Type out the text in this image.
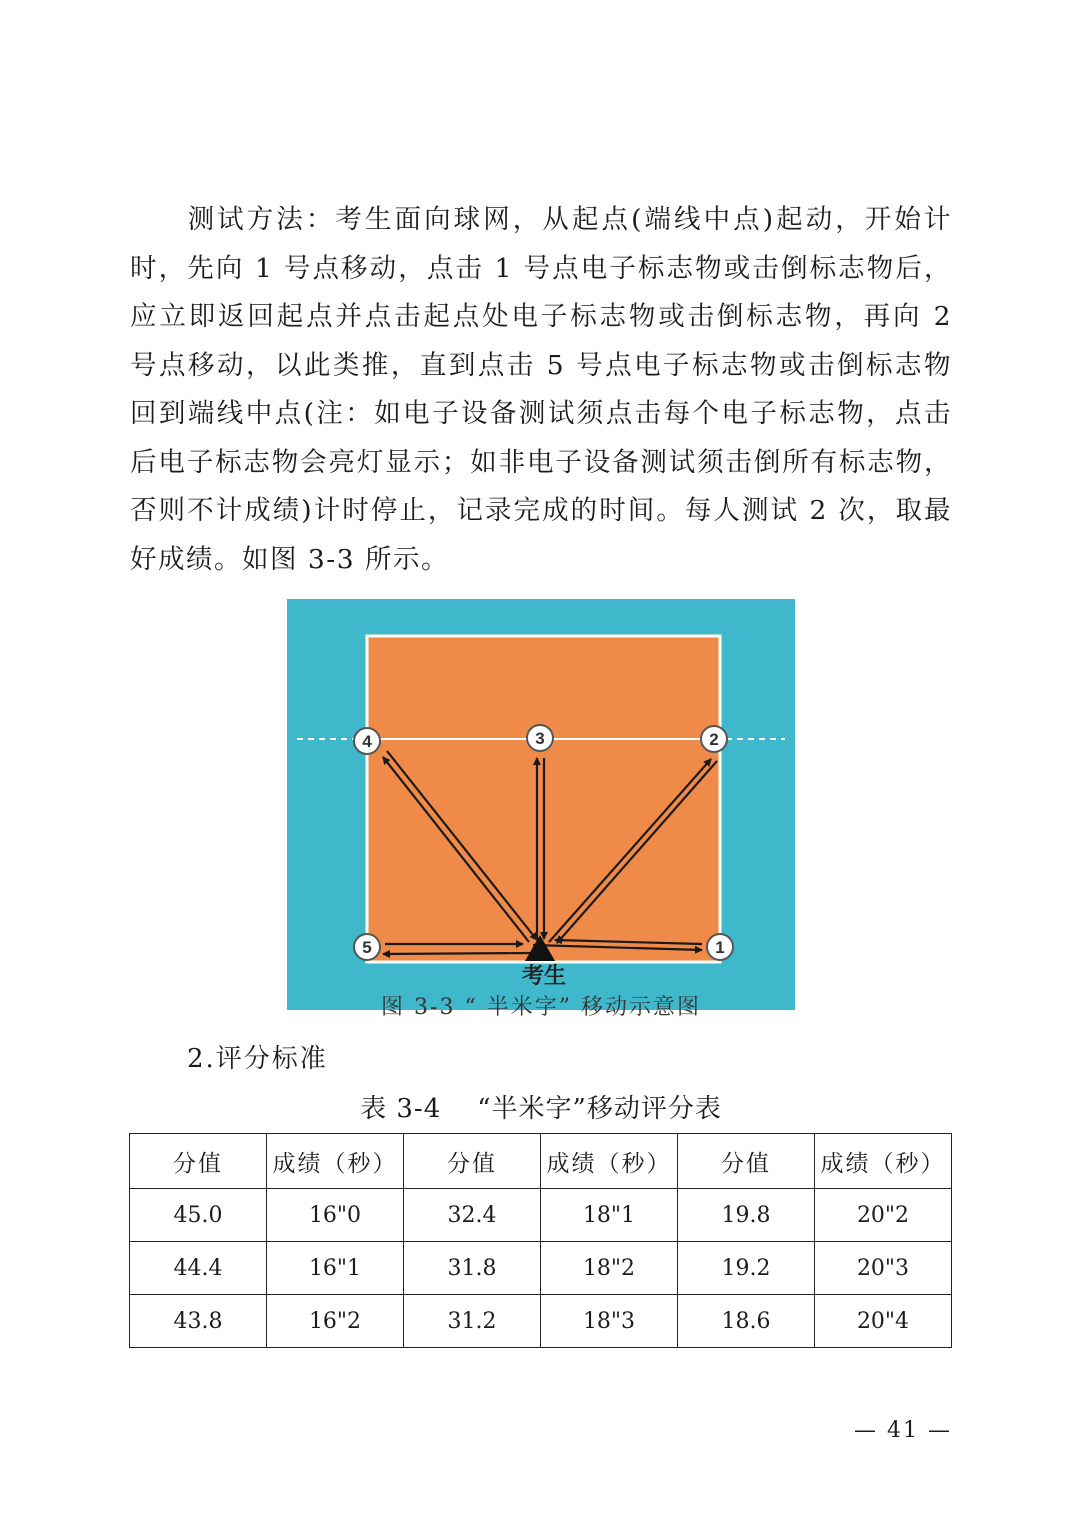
测试方法：考生面向球网，从起点(端线中点)起动，开始计时，先向 1 号点移动，点击 1 号点电子标志物或击倒标志物后，应立即返回起点并点击起点处电子标志物或击倒标志物，再向 2 号点移动，以此类推，直到点击 5 号点电子标志物或击倒标志物回到端线中点(注：如电子设备测试须点击每个电子标志物，点击后电子标志物会亮灯显示；如非电子设备测试须击倒所有标志物，否则不计成绩)计时停止，记录完成的时间。每人测试 2 次，取最好成绩。如图 3-3 所示。

考生
1
2
3
4
5
图 3-3 “ 半米字” 移动示意图
2.评分标准
表 3-4 “半米字”移动评分表
分值	成绩（秒）	分值	成绩（秒）	分值	成绩（秒）
45.0	16"0	32.4	18"1	19.8	20"2
44.4	16"1	31.8	18"2	19.2	20"3
43.8	16"2	31.2	18"3	18.6	20"4
— 41 —
